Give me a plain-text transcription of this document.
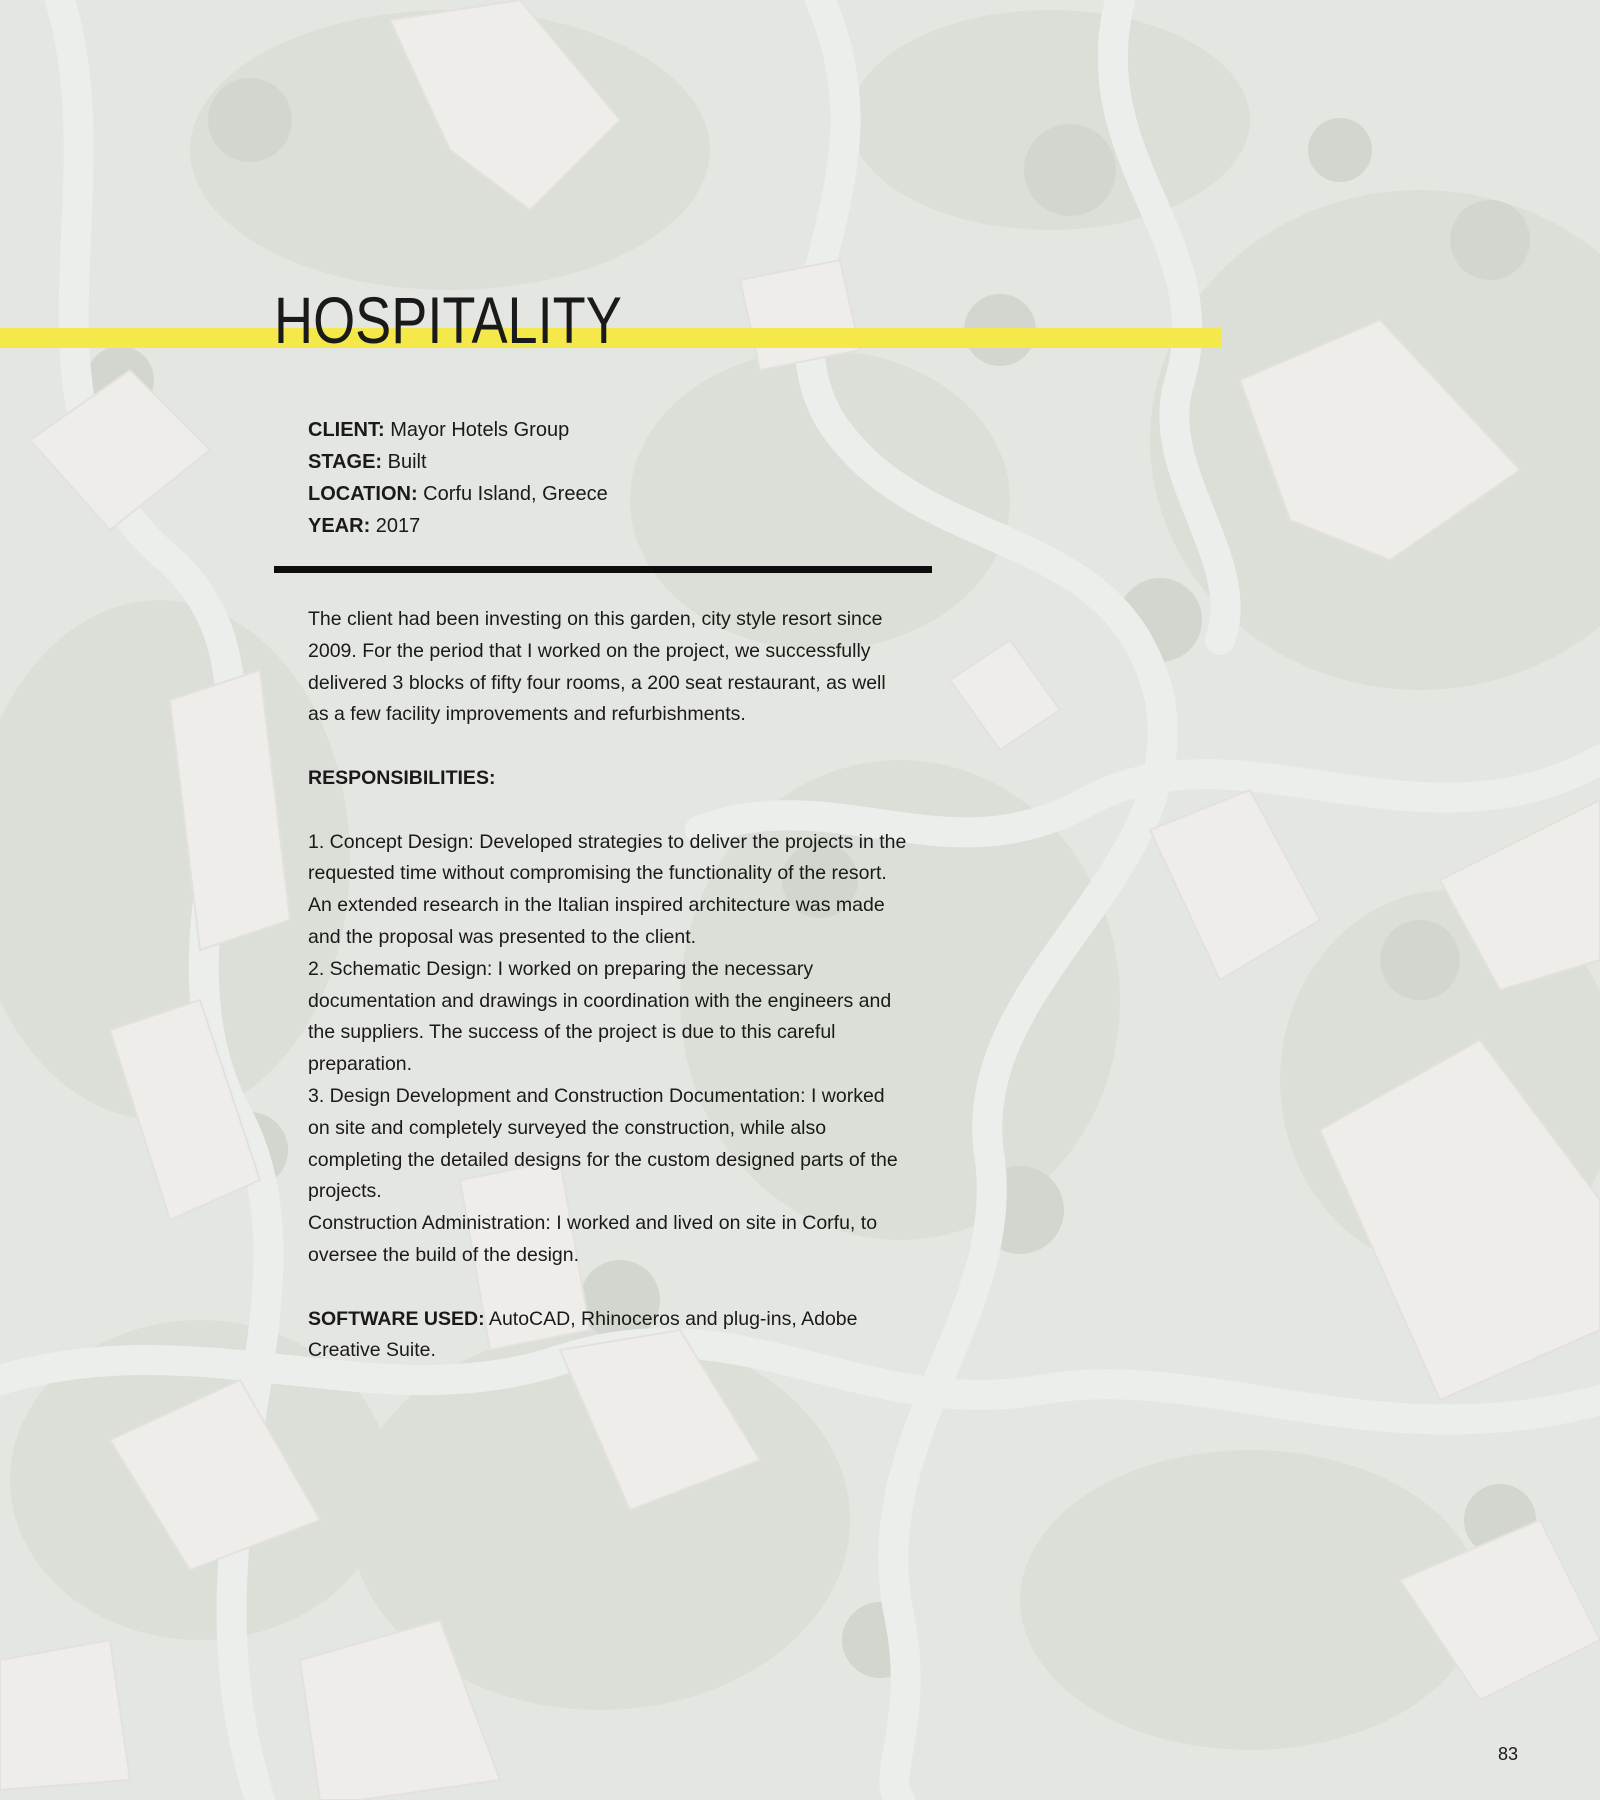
HOSPITALITY
CLIENT: Mayor Hotels Group
STAGE: Built
LOCATION: Corfu Island, Greece
YEAR: 2017

The client had been investing on this garden, city style resort since 2009. For the period that I worked on the project, we successfully delivered 3 blocks of fifty four rooms, a 200 seat restaurant, as well as a few facility improvements and refurbishments.

RESPONSIBILITIES:

1. Concept Design: Developed strategies to deliver the projects in the requested time without compromising the functionality of the resort. An extended research in the Italian inspired architecture was made and the proposal was presented to the client.

2. Schematic Design: I worked on preparing the necessary documentation and drawings in coordination with the engineers and the suppliers. The success of the project is due to this careful preparation.

3. Design Development and Construction Documentation: I worked on site and completely surveyed the construction, while also completing the detailed designs for the custom designed parts of the projects.

Construction Administration: I worked and lived on site in Corfu, to oversee the build of the design.

SOFTWARE USED: AutoCAD, Rhinoceros and plug-ins, Adobe Creative Suite.

83
